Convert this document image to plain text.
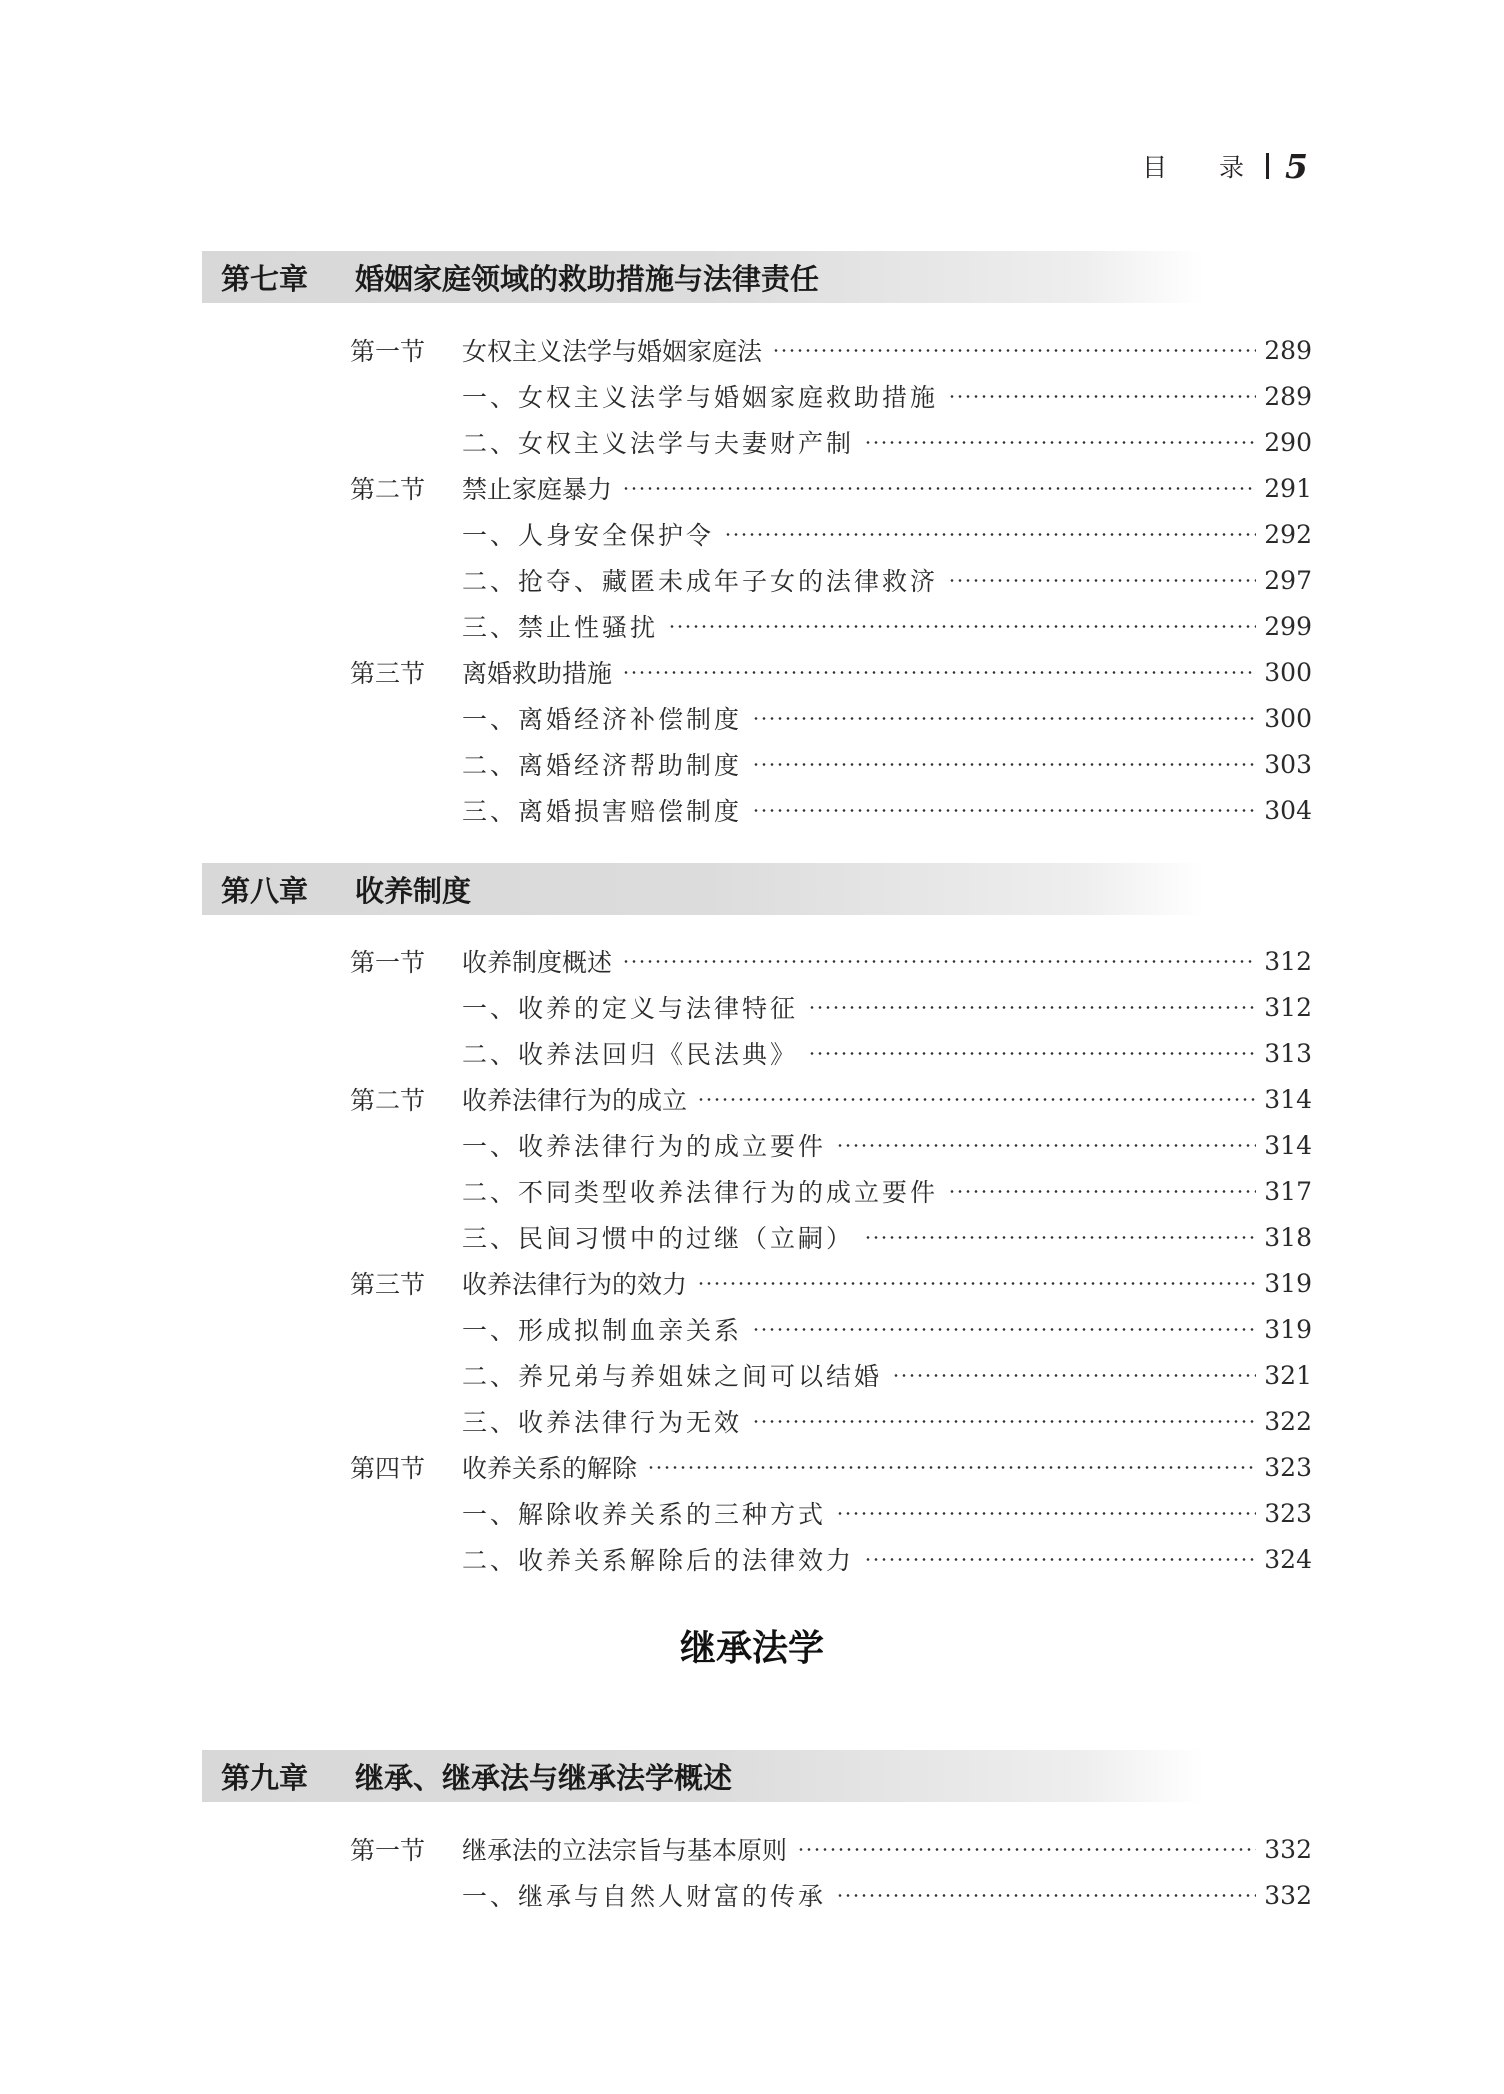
目 录 5
第七章	婚姻家庭领域的救助措施与法律责任
第一节	女权主义法学与婚姻家庭法	289
一、女权主义法学与婚姻家庭救助措施	289
二、女权主义法学与夫妻财产制	290
第二节	禁止家庭暴力	291
一、人身安全保护令	292
二、抢夺、藏匿未成年子女的法律救济	297
三、禁止性骚扰	299
第三节	离婚救助措施	300
一、离婚经济补偿制度	300
二、离婚经济帮助制度	303
三、离婚损害赔偿制度	304
第八章	收养制度
第一节	收养制度概述	312
一、收养的定义与法律特征	312
二、收养法回归《民法典》	313
第二节	收养法律行为的成立	314
一、收养法律行为的成立要件	314
二、不同类型收养法律行为的成立要件	317
三、民间习惯中的过继（立嗣）	318
第三节	收养法律行为的效力	319
一、形成拟制血亲关系	319
二、养兄弟与养姐妹之间可以结婚	321
三、收养法律行为无效	322
第四节	收养关系的解除	323
一、解除收养关系的三种方式	323
二、收养关系解除后的法律效力	324
继承法学
第九章	继承、继承法与继承法学概述
第一节	继承法的立法宗旨与基本原则	332
一、继承与自然人财富的传承	332
